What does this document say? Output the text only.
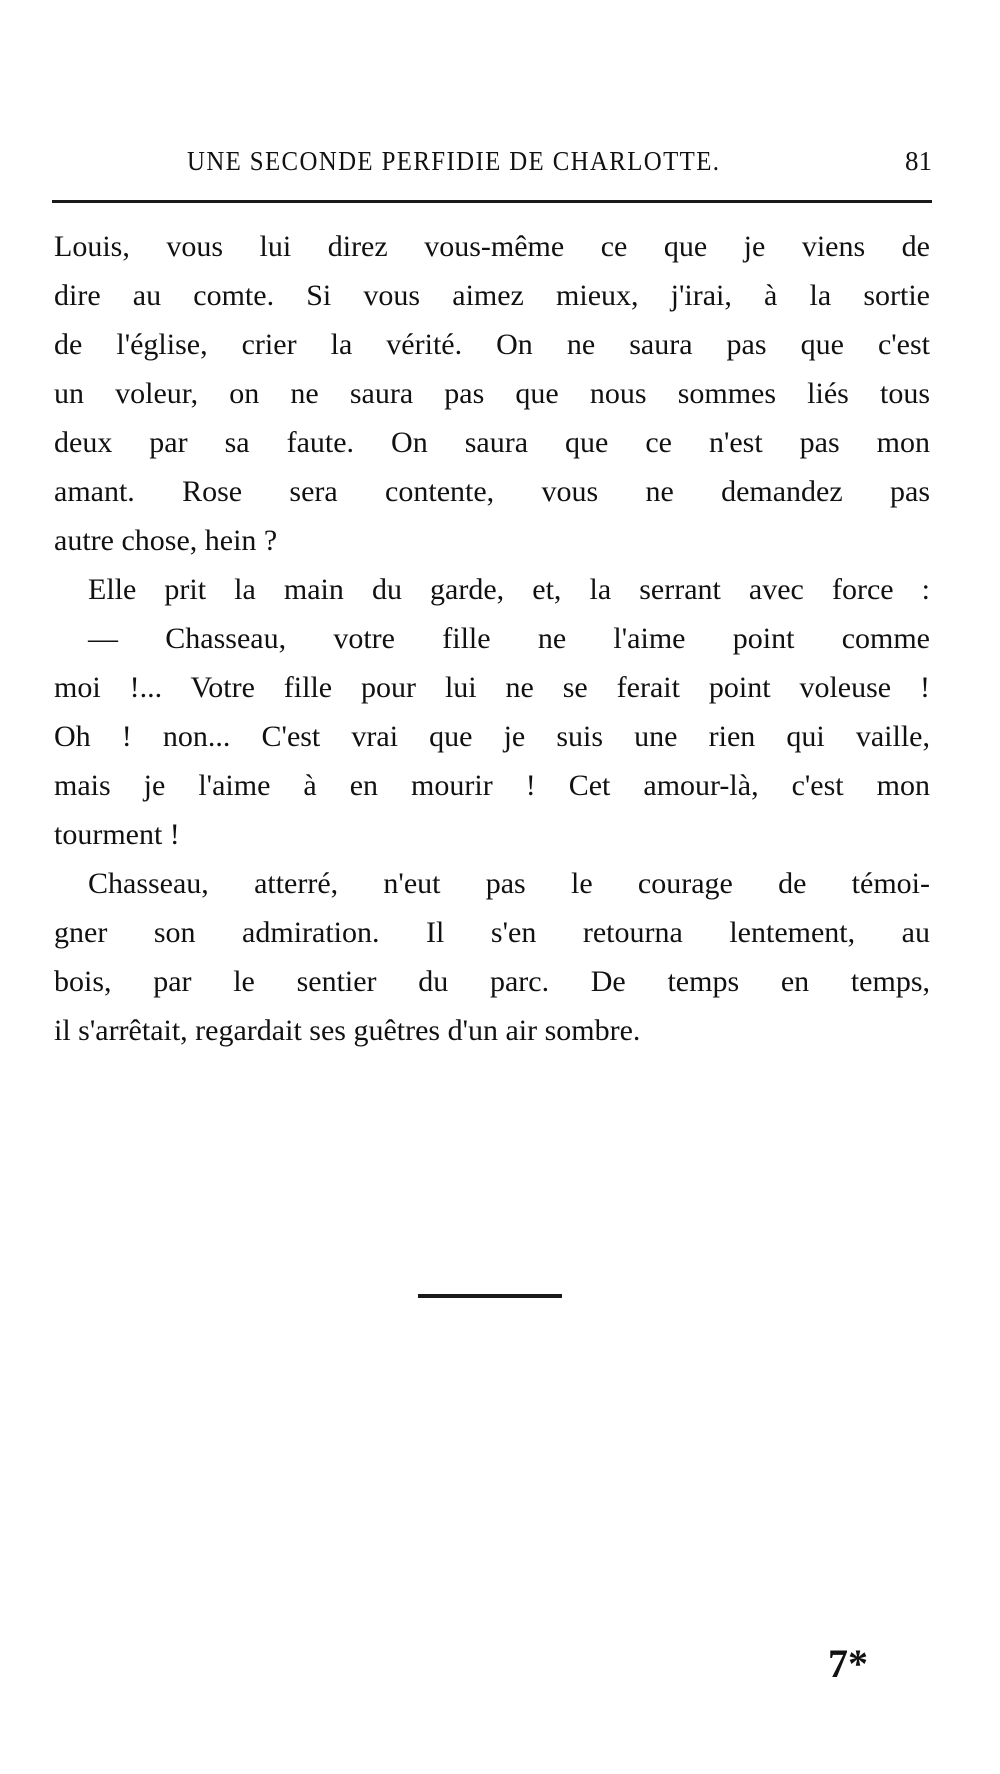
UNE SECONDE PERFIDIE DE CHARLOTTE.	81
Louis, vous lui direz vous-même ce que je viens de
dire au comte. Si vous aimez mieux, j'irai, à la sortie
de l'église, crier la vérité. On ne saura pas que c'est
un voleur, on ne saura pas que nous sommes liés tous
deux par sa faute. On saura que ce n'est pas mon
amant. Rose sera contente, vous ne demandez pas
autre chose, hein ?
Elle prit la main du garde, et, la serrant avec force :
— Chasseau, votre fille ne l'aime point comme
moi !... Votre fille pour lui ne se ferait point voleuse !
Oh ! non... C'est vrai que je suis une rien qui vaille,
mais je l'aime à en mourir ! Cet amour-là, c'est mon
tourment !
Chasseau, atterré, n'eut pas le courage de témoi-
gner son admiration. Il s'en retourna lentement, au
bois, par le sentier du parc. De temps en temps,
il s'arrêtait, regardait ses guêtres d'un air sombre.
7*
